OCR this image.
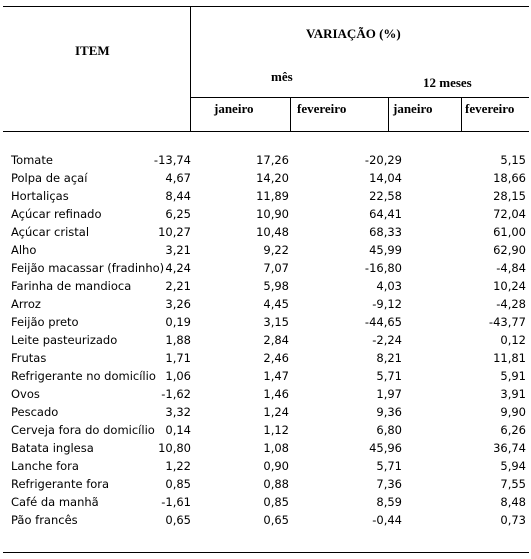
ITEM
VARIAÇÃO (%)
mês	12 meses
janeiro	fevereiro	janeiro	fevereiro
Tomate	-13,74	17,26	-20,29	5,15
Polpa de açaí	4,67	14,20	14,04	18,66
Hortaliças	8,44	11,89	22,58	28,15
Açúcar refinado	6,25	10,90	64,41	72,04
Açúcar cristal	10,27	10,48	68,33	61,00
Alho	3,21	9,22	45,99	62,90
Feijão macassar (fradinho) 4,24	7,07	-16,80	-4,84
Farinha de mandioca	2,21	5,98	4,03	10,24
Arroz	3,26	4,45	-9,12	-4,28
Feijão preto	0,19	3,15	-44,65	-43,77
Leite pasteurizado	1,88	2,84	-2,24	0,12
Frutas	1,71	2,46	8,21	11,81
Refrigerante no domicílio 1,06	1,47	5,71	5,91
Ovos	-1,62	1,46	1,97	3,91
Pescado	3,32	1,24	9,36	9,90
Cerveja fora do domicílio 0,14	1,12	6,80	6,26
Batata inglesa	10,80	1,08	45,96	36,74
Lanche fora	1,22	0,90	5,71	5,94
Refrigerante fora	0,85	0,88	7,36	7,55
Café da manhã	-1,61	0,85	8,59	8,48
Pão francês	0,65	0,65	-0,44	0,73
